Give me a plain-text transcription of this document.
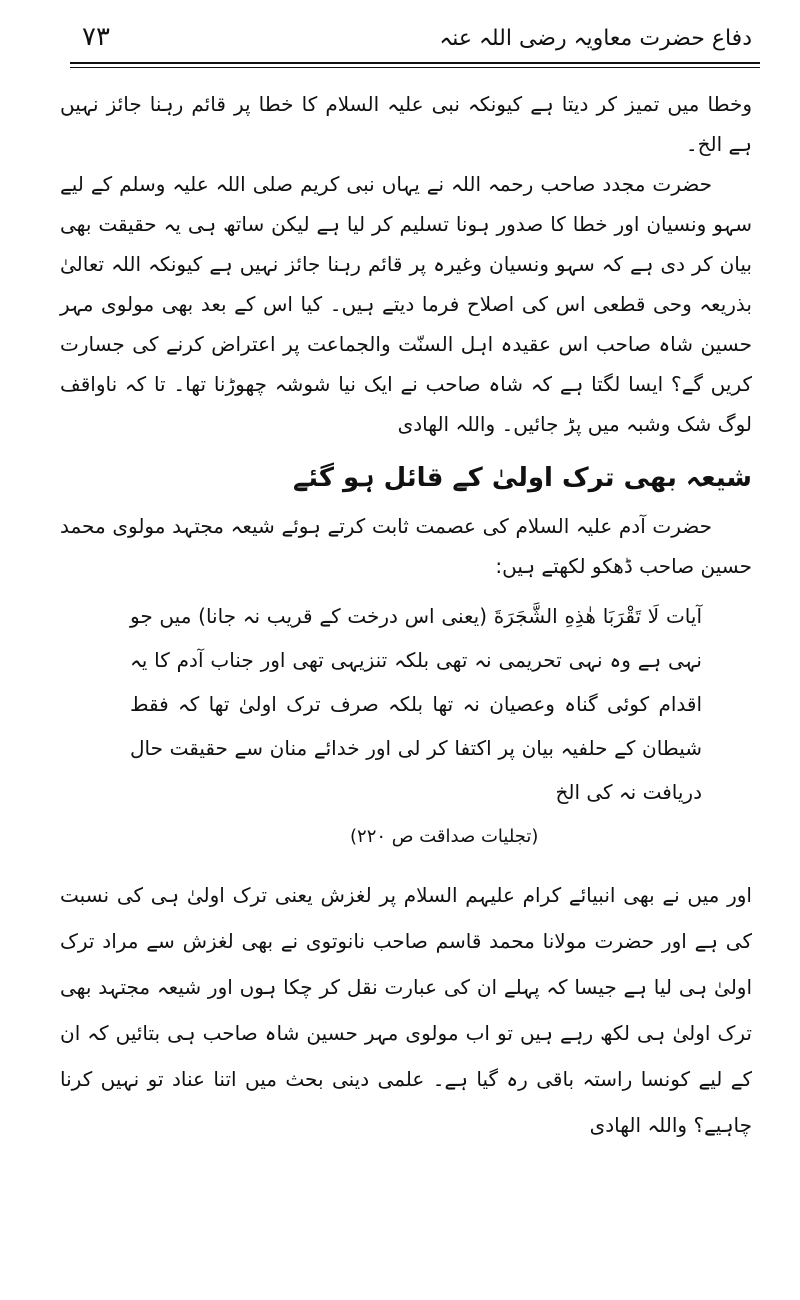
دفاع حضرت معاویہ رضی اللہ عنہ
۷۳

وخطا میں تمیز کر دیتا ہے کیونکہ نبی علیہ السلام کا خطا پر قائم رہنا جائز نہیں ہے الخ۔

حضرت مجدد صاحب رحمہ اللہ نے یہاں نبی کریم صلی اللہ علیہ وسلم کے لیے سہو ونسیان اور خطا کا صدور ہونا تسلیم کر لیا ہے لیکن ساتھ ہی یہ حقیقت بھی بیان کر دی ہے کہ سہو ونسیان وغیرہ پر قائم رہنا جائز نہیں ہے کیونکہ اللہ تعالیٰ بذریعہ وحی قطعی اس کی اصلاح فرما دیتے ہیں۔ کیا اس کے بعد بھی مولوی مہر حسین شاہ صاحب اس عقیدہ اہل السنّت والجماعت پر اعتراض کرنے کی جسارت کریں گے؟ ایسا لگتا ہے کہ شاہ صاحب نے ایک نیا شوشہ چھوڑنا تھا۔ تا کہ ناواقف لوگ شک وشبہ میں پڑ جائیں۔ واللہ الھادی

شیعہ بھی ترک اولیٰ کے قائل ہو گئے

حضرت آدم علیہ السلام کی عصمت ثابت کرتے ہوئے شیعہ مجتہد مولوی محمد حسین صاحب ڈھکو لکھتے ہیں:

آیات لَا تَقْرَبَا هٰذِهِ الشَّجَرَةَ (یعنی اس درخت کے قریب نہ جانا) میں جو نہی ہے وہ نہی تحریمی نہ تھی بلکہ تنزیہی تھی اور جناب آدم کا یہ اقدام کوئی گناہ وعصیان نہ تھا بلکہ صرف ترک اولیٰ تھا کہ فقط شیطان کے حلفیہ بیان پر اکتفا کر لی اور خدائے منان سے حقیقت حال دریافت نہ کی الخ

(تجلیات صداقت ص ۲۲۰)

اور میں نے بھی انبیائے کرام علیہم السلام پر لغزش یعنی ترک اولیٰ ہی کی نسبت کی ہے اور حضرت مولانا محمد قاسم صاحب نانوتوی نے بھی لغزش سے مراد ترک اولیٰ ہی لیا ہے جیسا کہ پہلے ان کی عبارت نقل کر چکا ہوں اور شیعہ مجتہد بھی ترک اولیٰ ہی لکھ رہے ہیں تو اب مولوی مہر حسین شاہ صاحب ہی بتائیں کہ ان کے لیے کونسا راستہ باقی رہ گیا ہے۔ علمی دینی بحث میں اتنا عناد تو نہیں کرنا چاہیے؟ واللہ الھادی
